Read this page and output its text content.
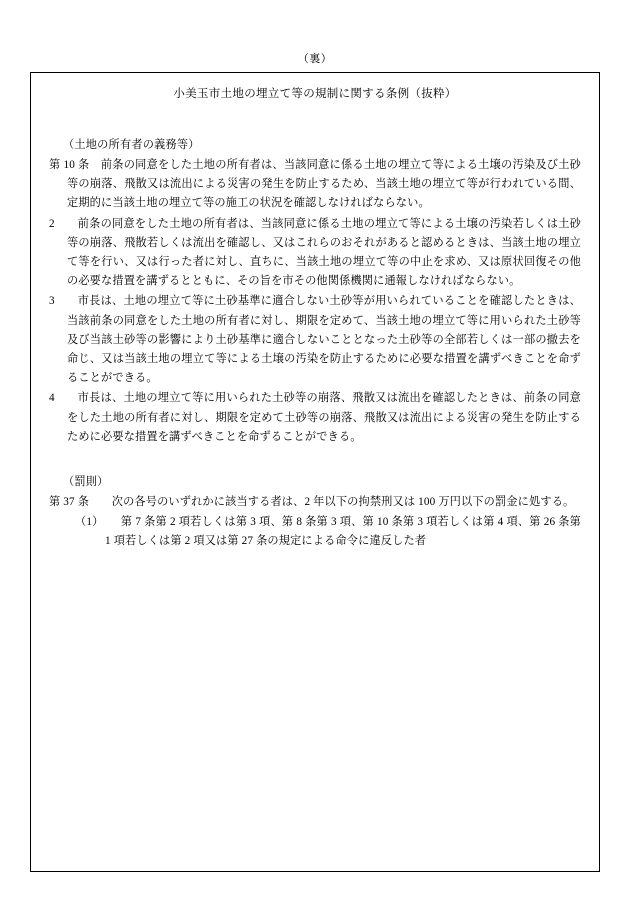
（裏）
小美玉市土地の埋立て等の規制に関する条例（抜粋）
（土地の所有者の義務等）

第 10 条　前条の同意をした土地の所有者は、当該同意に係る土地の埋立て等による土壌の汚染及び土砂等の崩落、飛散又は流出による災害の発生を防止するため、当該土地の埋立て等が行われている間、定期的に当該土地の埋立て等の施工の状況を確認しなければならない。

2　　前条の同意をした土地の所有者は、当該同意に係る土地の埋立て等による土壌の汚染若しくは土砂等の崩落、飛散若しくは流出を確認し、又はこれらのおそれがあると認めるときは、当該土地の埋立て等を行い、又は行った者に対し、直ちに、当該土地の埋立て等の中止を求め、又は原状回復その他の必要な措置を講ずるとともに、その旨を市その他関係機関に通報しなければならない。

3　　市長は、土地の埋立て等に土砂基準に適合しない土砂等が用いられていることを確認したときは、当該前条の同意をした土地の所有者に対し、期限を定めて、当該土地の埋立て等に用いられた土砂等及び当該土砂等の影響により土砂基準に適合しないこととなった土砂等の全部若しくは一部の撤去を命じ、又は当該土地の埋立て等による土壌の汚染を防止するために必要な措置を講ずべきことを命ずることができる。

4　　市長は、土地の埋立て等に用いられた土砂等の崩落、飛散又は流出を確認したときは、前条の同意をした土地の所有者に対し、期限を定めて土砂等の崩落、飛散又は流出による災害の発生を防止するために必要な措置を講ずべきことを命ずることができる。

（罰則）

第 37 条　　次の各号のいずれかに該当する者は、2 年以下の拘禁刑又は 100 万円以下の罰金に処する。

（1）　　第 7 条第 2 項若しくは第 3 項、第 8 条第 3 項、第 10 条第 3 項若しくは第 4 項、第 26 条第 1 項若しくは第 2 項又は第 27 条の規定による命令に違反した者
